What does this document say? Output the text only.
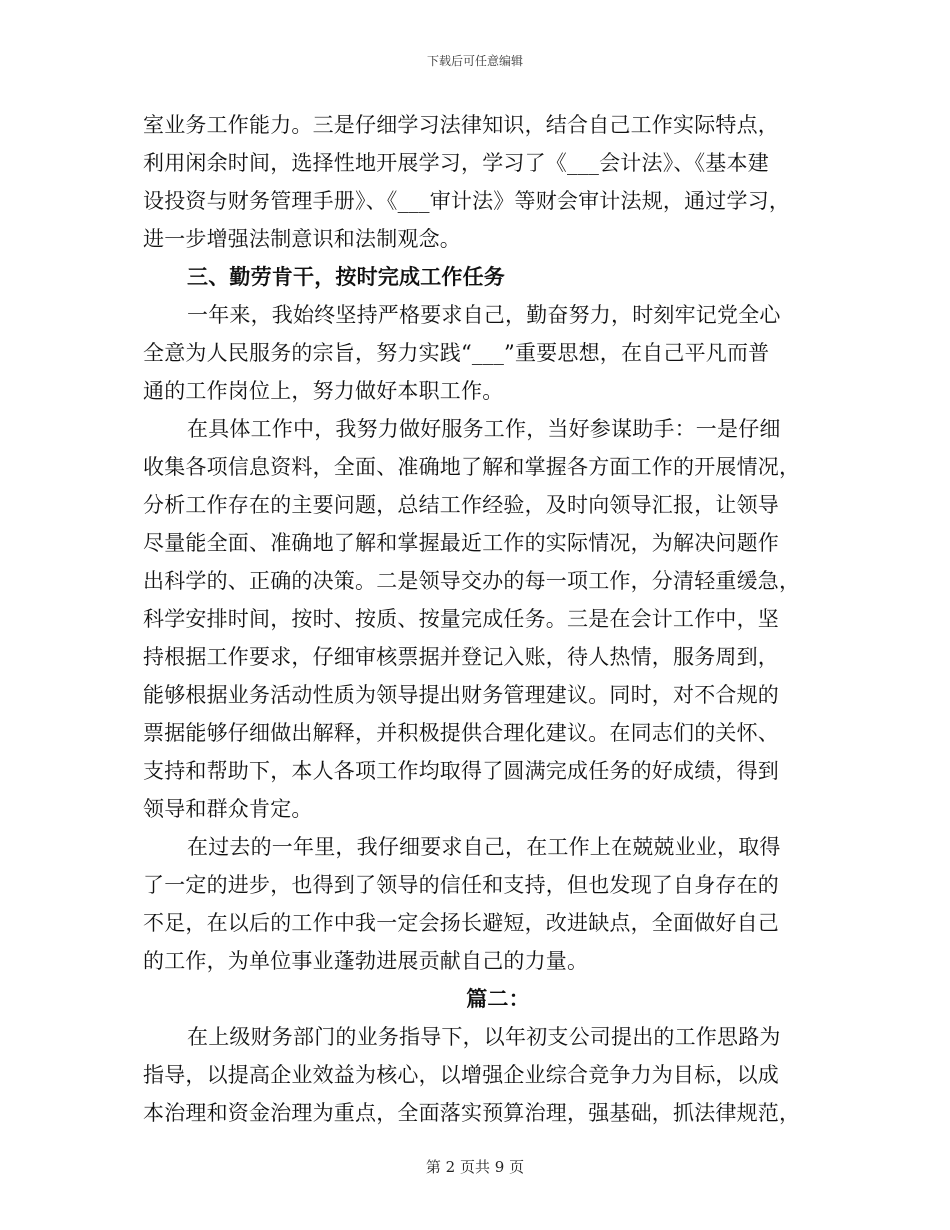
下载后可任意编辑
室业务工作能力。三是仔细学习法律知识，结合自己工作实际特点，
利用闲余时间，选择性地开展学习，学习了《___会计法》、《基本建
设投资与财务管理手册》、《___审计法》等财会审计法规，通过学习，
进一步增强法制意识和法制观念。
三、勤劳肯干，按时完成工作任务
一年来，我始终坚持严格要求自己，勤奋努力，时刻牢记党全心
全意为人民服务的宗旨，努力实践“___”重要思想，在自己平凡而普
通的工作岗位上，努力做好本职工作。
在具体工作中，我努力做好服务工作，当好参谋助手：一是仔细
收集各项信息资料，全面、准确地了解和掌握各方面工作的开展情况，
分析工作存在的主要问题，总结工作经验，及时向领导汇报，让领导
尽量能全面、准确地了解和掌握最近工作的实际情况，为解决问题作
出科学的、正确的决策。二是领导交办的每一项工作，分清轻重缓急，
科学安排时间，按时、按质、按量完成任务。三是在会计工作中，坚
持根据工作要求，仔细审核票据并登记入账，待人热情，服务周到，
能够根据业务活动性质为领导提出财务管理建议。同时，对不合规的
票据能够仔细做出解释，并积极提供合理化建议。在同志们的关怀、
支持和帮助下，本人各项工作均取得了圆满完成任务的好成绩，得到
领导和群众肯定。
在过去的一年里，我仔细要求自己，在工作上在兢兢业业，取得
了一定的进步，也得到了领导的信任和支持，但也发现了自身存在的
不足，在以后的工作中我一定会扬长避短，改进缺点，全面做好自己
的工作，为单位事业蓬勃进展贡献自己的力量。
篇二：
在上级财务部门的业务指导下，以年初支公司提出的工作思路为
指导，以提高企业效益为核心，以增强企业综合竞争力为目标，以成
本治理和资金治理为重点，全面落实预算治理，强基础，抓法律规范，
第 2 页共 9 页
